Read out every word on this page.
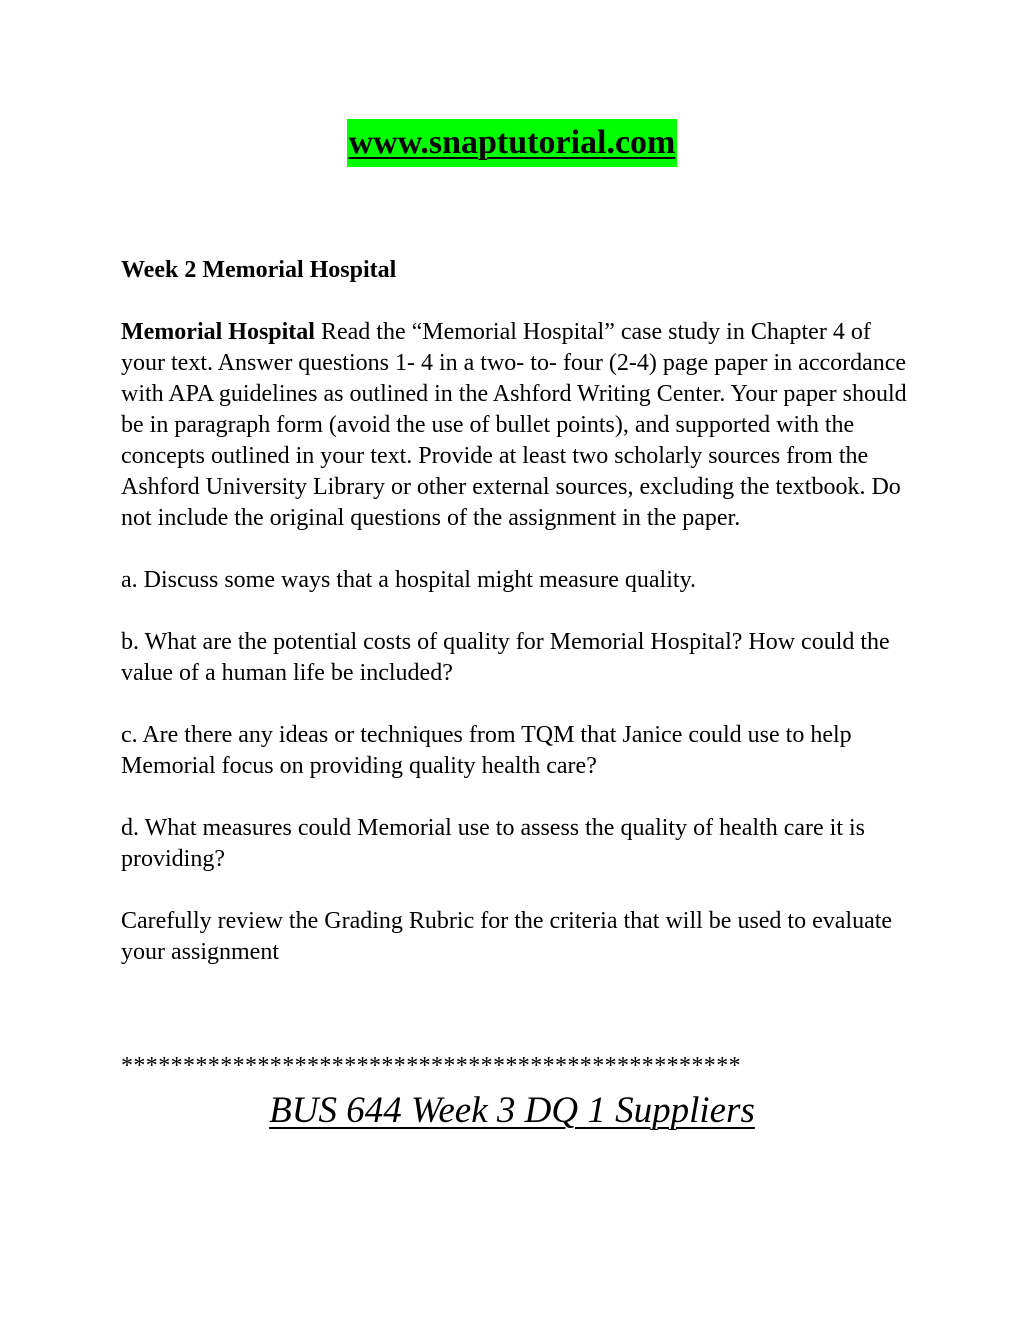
www.snaptutorial.com
Week 2 Memorial Hospital
Memorial Hospital Read the “Memorial Hospital” case study in Chapter 4 of your text. Answer questions 1- 4 in a two- to- four (2-4) page paper in accordance with APA guidelines as outlined in the Ashford Writing Center. Your paper should be in paragraph form (avoid the use of bullet points), and supported with the concepts outlined in your text. Provide at least two scholarly sources from the Ashford University Library or other external sources, excluding the textbook. Do not include the original questions of the assignment in the paper.
a. Discuss some ways that a hospital might measure quality.
b. What are the potential costs of quality for Memorial Hospital? How could the value of a human life be included?
c. Are there any ideas or techniques from TQM that Janice could use to help Memorial focus on providing quality health care?
d. What measures could Memorial use to assess the quality of health care it is providing?
Carefully review the Grading Rubric for the criteria that will be used to evaluate your assignment
**************************************************
BUS 644 Week 3 DQ 1 Suppliers
